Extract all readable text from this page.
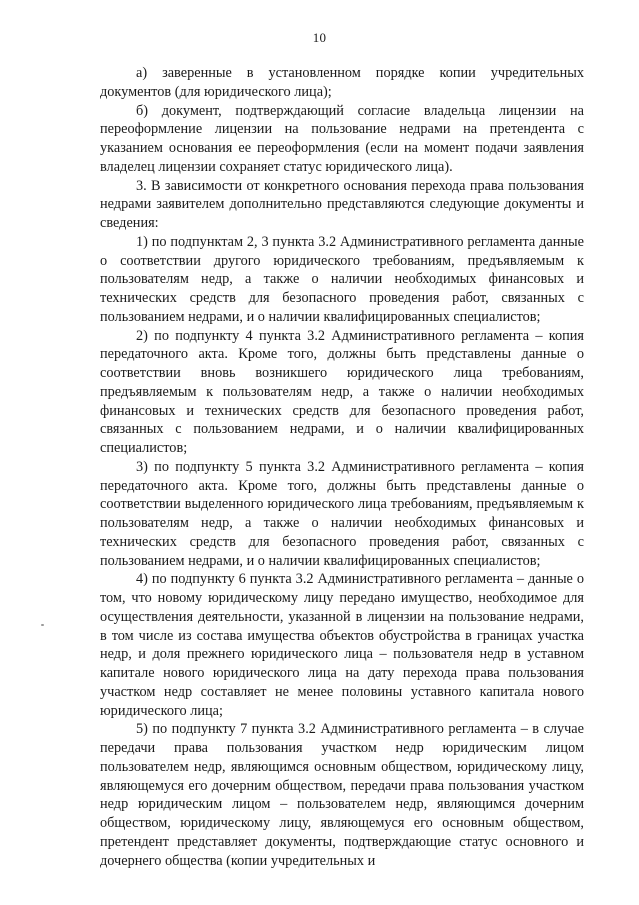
10

а) заверенные в установленном порядке копии учредительных документов (для юридического лица);

б) документ, подтверждающий согласие владельца лицензии на переоформление лицензии на пользование недрами на претендента с указанием основания ее переоформления (если на момент подачи заявления владелец лицензии сохраняет статус юридического лица).

3. В зависимости от конкретного основания перехода права пользования недрами заявителем дополнительно представляются следующие документы и сведения:

1) по подпунктам 2, 3 пункта 3.2 Административного регламента данные о соответствии другого юридического требованиям, предъявляемым к пользователям недр, а также о наличии необходимых финансовых и технических средств для безопасного проведения работ, связанных с пользованием недрами, и о наличии квалифицированных специалистов;

2) по подпункту 4 пункта 3.2 Административного регламента – копия передаточного акта. Кроме того, должны быть представлены данные о соответствии вновь возникшего юридического лица требованиям, предъявляемым к пользователям недр, а также о наличии необходимых финансовых и технических средств для безопасного проведения работ, связанных с пользованием недрами, и о наличии квалифицированных специалистов;

3) по подпункту 5 пункта 3.2 Административного регламента – копия передаточного акта. Кроме того, должны быть представлены данные о соответствии выделенного юридического лица требованиям, предъявляемым к пользователям недр, а также о наличии необходимых финансовых и технических средств для безопасного проведения работ, связанных с пользованием недрами, и о наличии квалифицированных специалистов;

4) по подпункту 6 пункта 3.2 Административного регламента – данные о том, что новому юридическому лицу передано имущество, необходимое для осуществления деятельности, указанной в лицензии на пользование недрами, в том числе из состава имущества объектов обустройства в границах участка недр, и доля прежнего юридического лица – пользователя недр в уставном капитале нового юридического лица на дату перехода права пользования участком недр составляет не менее половины уставного капитала нового юридического лица;

5) по подпункту 7 пункта 3.2 Административного регламента – в случае передачи права пользования участком недр юридическим лицом пользователем недр, являющимся основным обществом, юридическому лицу, являющемуся его дочерним обществом, передачи права пользования участком недр юридическим лицом – пользователем недр, являющимся дочерним обществом, юридическому лицу, являющемуся его основным обществом, претендент представляет документы, подтверждающие статус основного и дочернего общества (копии учредительных и
